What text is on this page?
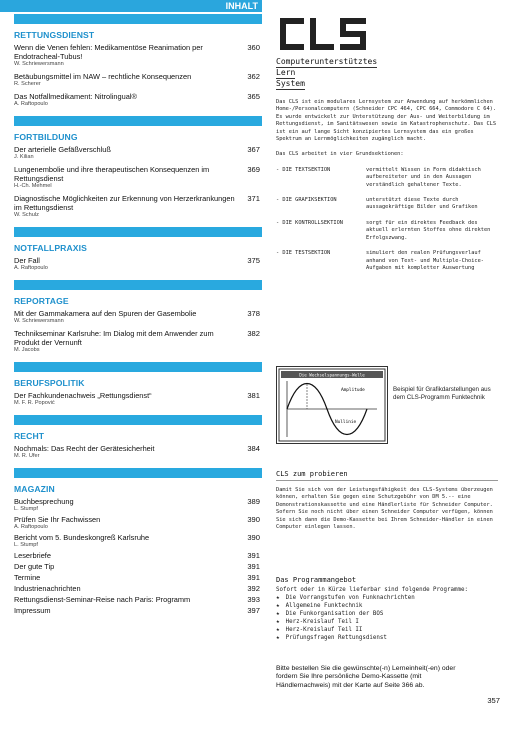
INHALT
RETTUNGSDIENST
Wenn die Venen fehlen: Medikamentöse Reanimation per Endotracheal-Tubus!
W. Schriewersmann
360
Betäubungsmittel im NAW – rechtliche Konsequenzen
R. Scherer
362
Das Notfallmedikament: Nitrolingual®
A. Raftopoulo
365
FORTBILDUNG
Der arterielle Gefäßverschluß
J. Kilian
367
Lungenembolie und ihre therapeutischen Konsequenzen im Rettungsdienst
H.-Ch. Mehmel
369
Diagnostische Möglichkeiten zur Erkennung von Herzerkrankungen im Rettungsdienst
W. Schulz
371
NOTFALLPRAXIS
Der Fall
A. Raftopoulo
375
REPORTAGE
Mit der Gammakamera auf den Spuren der Gasembolie
W. Schriewersmann
378
Technikseminar Karlsruhe: Im Dialog mit dem Anwender zum Produkt der Vernunft
M. Jacobs
382
BERUFSPOLITIK
Der Fachkundenachweis „Rettungsdienst“
M. F. R. Popović
381
RECHT
Nochmals: Das Recht der Gerätesicherheit
M. R. Ufer
384
MAGAZIN
Buchbesprechung
L. Stumpf
389
Prüfen Sie Ihr Fachwissen
A. Raftopoulo
390
Bericht vom 5. Bundeskongreß Karlsruhe
L. Stumpf
390
Leserbriefe	391
Der gute Tip	391
Termine	391
Industrienachrichten	392
Rettungsdienst-Seminar-Reise nach Paris: Programm	393
Impressum	397
Computerunterstütztes
Lern
System

Das CLS ist ein modulares Lernsystem zur Anwendung auf herkömmlichen Home-/Personalcomputern (Schneider CPC 464, CPC 664, Commodore C 64). Es wurde entwickelt zur Unterstützung der Aus- und Weiterbildung im Rettungsdienst, im Sanitätswesen sowie im Katastrophenschutz. Das CLS ist ein auf lange Sicht konzipiertes Lernsystem das ein großes Spektrum an Lernmöglichkeiten zugänglich macht.

Das CLS arbeitet in vier Grundsektionen:

- DIE TEXTSEKTION	vermittelt Wissen in Form didaktisch aufbereiteter und in den Aussagen verständlich gehaltener Texte.
- DIE GRAFIKSEKTION	unterstützt diese Texte durch aussagekräftige Bilder und Grafiken
- DIE KONTROLLSEKTION	sorgt für ein direktes Feedback des aktuell erlernten Stoffes ohne direkten Erfolgszwang.
- DIE TESTSEKTION	simuliert den realen Prüfungsverlauf anhand von Text- und Multiple-Choice-Aufgaben mit kompletter Auswertung
Die Wechselspannungs-Welle
Amplitude
Nullinie
Beispiel für Grafikdarstellungen aus dem CLS-Programm Funktechnik
CLS zum probieren

Damit Sie sich von der Leistungsfähigkeit des CLS-Systems überzeugen können, erhalten Sie gegen eine Schutzgebühr von DM 5.-- eine Demonstrationskassette und eine Händlerliste für Schneider Computer. Sofern Sie noch nicht über einen Schneider Computer verfügen, können Sie sich dann die Demo-Kassette bei Ihrem Schneider-Händler in einen Computer einlegen lassen.

Das Programmangebot

Sofort oder in Kürze lieferbar sind folgende Programme:

★ Die Vorrangstufen von Funknachrichten
★ Allgemeine Funktechnik
★ Die Funkorganisation der BOS
★ Herz-Kreislauf Teil I
★ Herz-Kreislauf Teil II
★ Prüfungsfragen Rettungsdienst

Bitte bestellen Sie die gewünschte(-n) Lerneinheit(-en) oder fordern Sie Ihre persönliche Demo-Kassette (mit Händlernachweis) mit der Karte auf Seite 366 ab.

357
